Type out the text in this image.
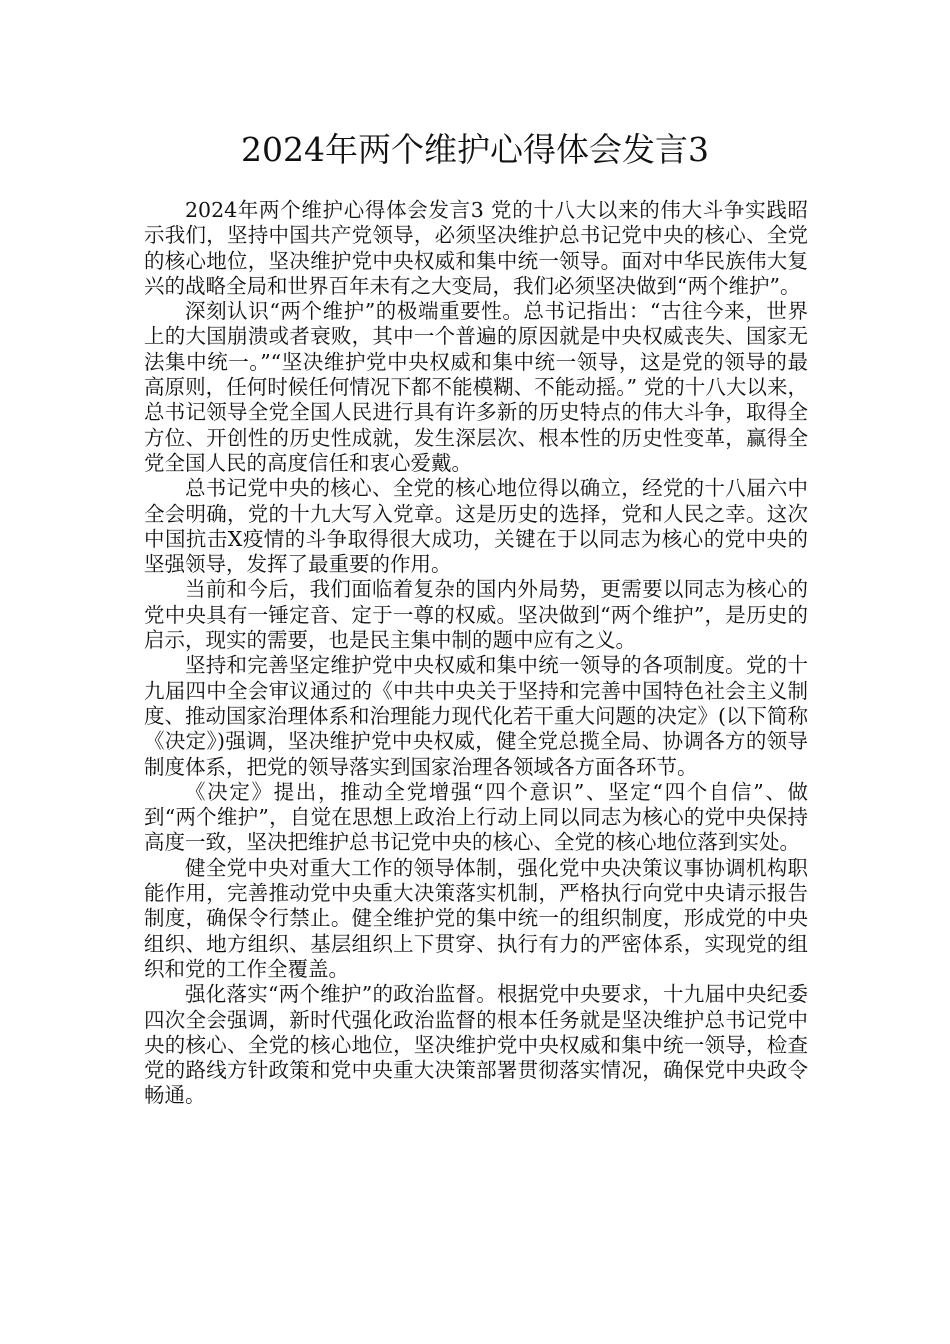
2024年两个维护心得体会发言3

2024年两个维护心得体会发言3 党的十八大以来的伟大斗争实践昭示我们，坚持中国共产党领导，必须坚决维护总书记党中央的核心、全党的核心地位，坚决维护党中央权威和集中统一领导。面对中华民族伟大复兴的战略全局和世界百年未有之大变局，我们必须坚决做到“两个维护”。

深刻认识“两个维护”的极端重要性。总书记指出：“古往今来，世界上的大国崩溃或者衰败，其中一个普遍的原因就是中央权威丧失、国家无法集中统一。”“坚决维护党中央权威和集中统一领导，这是党的领导的最高原则，任何时候任何情况下都不能模糊、不能动摇。” 党的十八大以来，总书记领导全党全国人民进行具有许多新的历史特点的伟大斗争，取得全方位、开创性的历史性成就，发生深层次、根本性的历史性变革，赢得全党全国人民的高度信任和衷心爱戴。

总书记党中央的核心、全党的核心地位得以确立，经党的十八届六中全会明确，党的十九大写入党章。这是历史的选择，党和人民之幸。这次中国抗击X疫情的斗争取得很大成功，关键在于以同志为核心的党中央的坚强领导，发挥了最重要的作用。

当前和今后，我们面临着复杂的国内外局势，更需要以同志为核心的党中央具有一锤定音、定于一尊的权威。坚决做到“两个维护”，是历史的启示，现实的需要，也是民主集中制的题中应有之义。

坚持和完善坚定维护党中央权威和集中统一领导的各项制度。党的十九届四中全会审议通过的《中共中央关于坚持和完善中国特色社会主义制度、推动国家治理体系和治理能力现代化若干重大问题的决定》(以下简称《决定》)强调，坚决维护党中央权威，健全党总揽全局、协调各方的领导制度体系，把党的领导落实到国家治理各领域各方面各环节。

《决定》提出，推动全党增强“四个意识”、坚定“四个自信”、做到“两个维护”，自觉在思想上政治上行动上同以同志为核心的党中央保持高度一致，坚决把维护总书记党中央的核心、全党的核心地位落到实处。

健全党中央对重大工作的领导体制，强化党中央决策议事协调机构职能作用，完善推动党中央重大决策落实机制，严格执行向党中央请示报告制度，确保令行禁止。健全维护党的集中统一的组织制度，形成党的中央组织、地方组织、基层组织上下贯穿、执行有力的严密体系，实现党的组织和党的工作全覆盖。

强化落实“两个维护”的政治监督。根据党中央要求，十九届中央纪委四次全会强调，新时代强化政治监督的根本任务就是坚决维护总书记党中央的核心、全党的核心地位，坚决维护党中央权威和集中统一领导，检查党的路线方针政策和党中央重大决策部署贯彻落实情况，确保党中央政令畅通。
